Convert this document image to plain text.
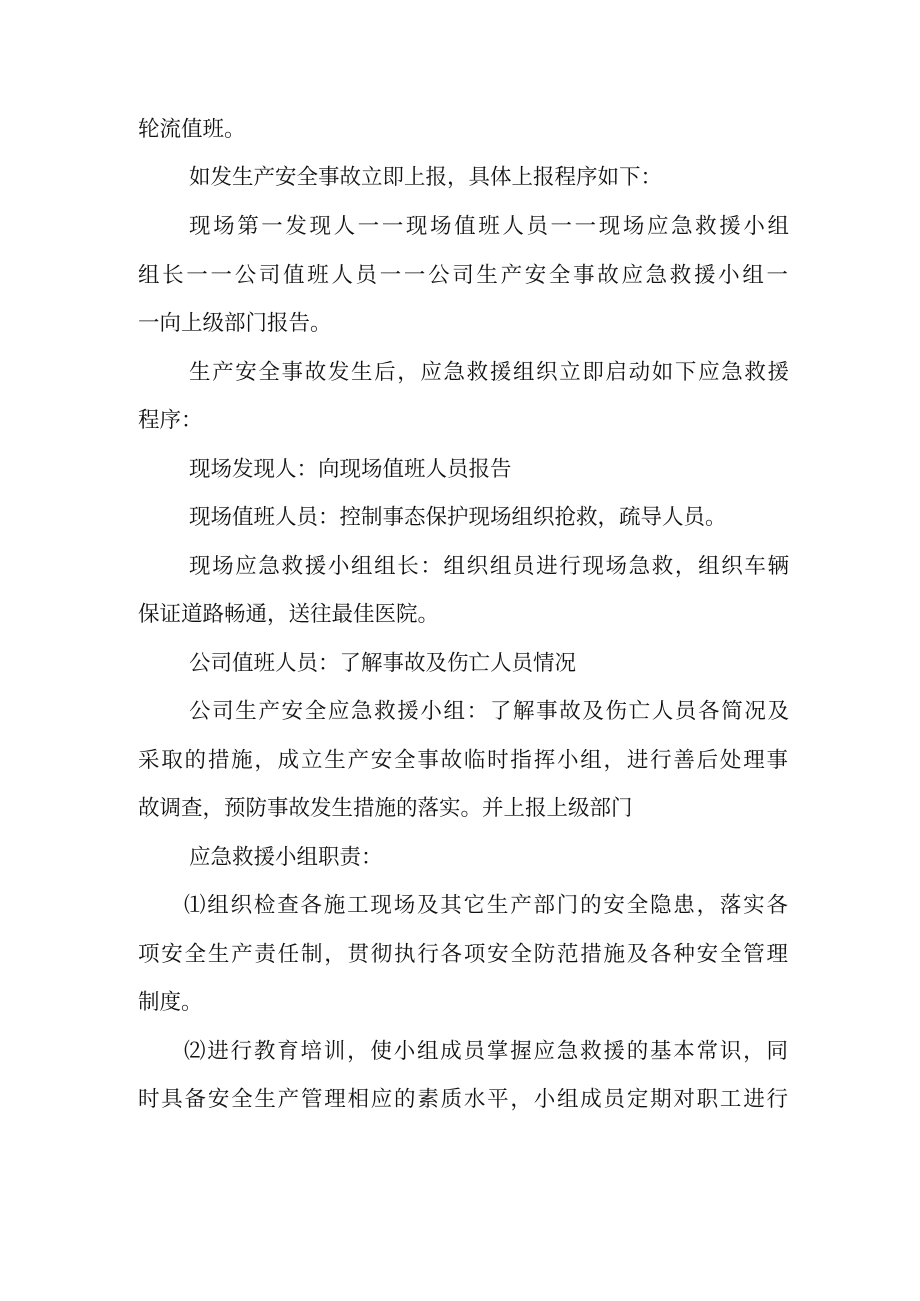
轮流值班。
如发生产安全事故立即上报，具体上报程序如下：
现场第一发现人一一现场值班人员一一现场应急救援小组
组长一一公司值班人员一一公司生产安全事故应急救援小组一
一向上级部门报告。
生产安全事故发生后，应急救援组织立即启动如下应急救援
程序：
现场发现人：向现场值班人员报告
现场值班人员：控制事态保护现场组织抢救，疏导人员。
现场应急救援小组组长：组织组员进行现场急救，组织车辆
保证道路畅通，送往最佳医院。
公司值班人员：了解事故及伤亡人员情况
公司生产安全应急救援小组：了解事故及伤亡人员各简况及
采取的措施，成立生产安全事故临时指挥小组，进行善后处理事
故调查，预防事故发生措施的落实。并上报上级部门
应急救援小组职责：
⑴组织检查各施工现场及其它生产部门的安全隐患，落实各
项安全生产责任制，贯彻执行各项安全防范措施及各种安全管理
制度。
⑵进行教育培训，使小组成员掌握应急救援的基本常识，同
时具备安全生产管理相应的素质水平，小组成员定期对职工进行
